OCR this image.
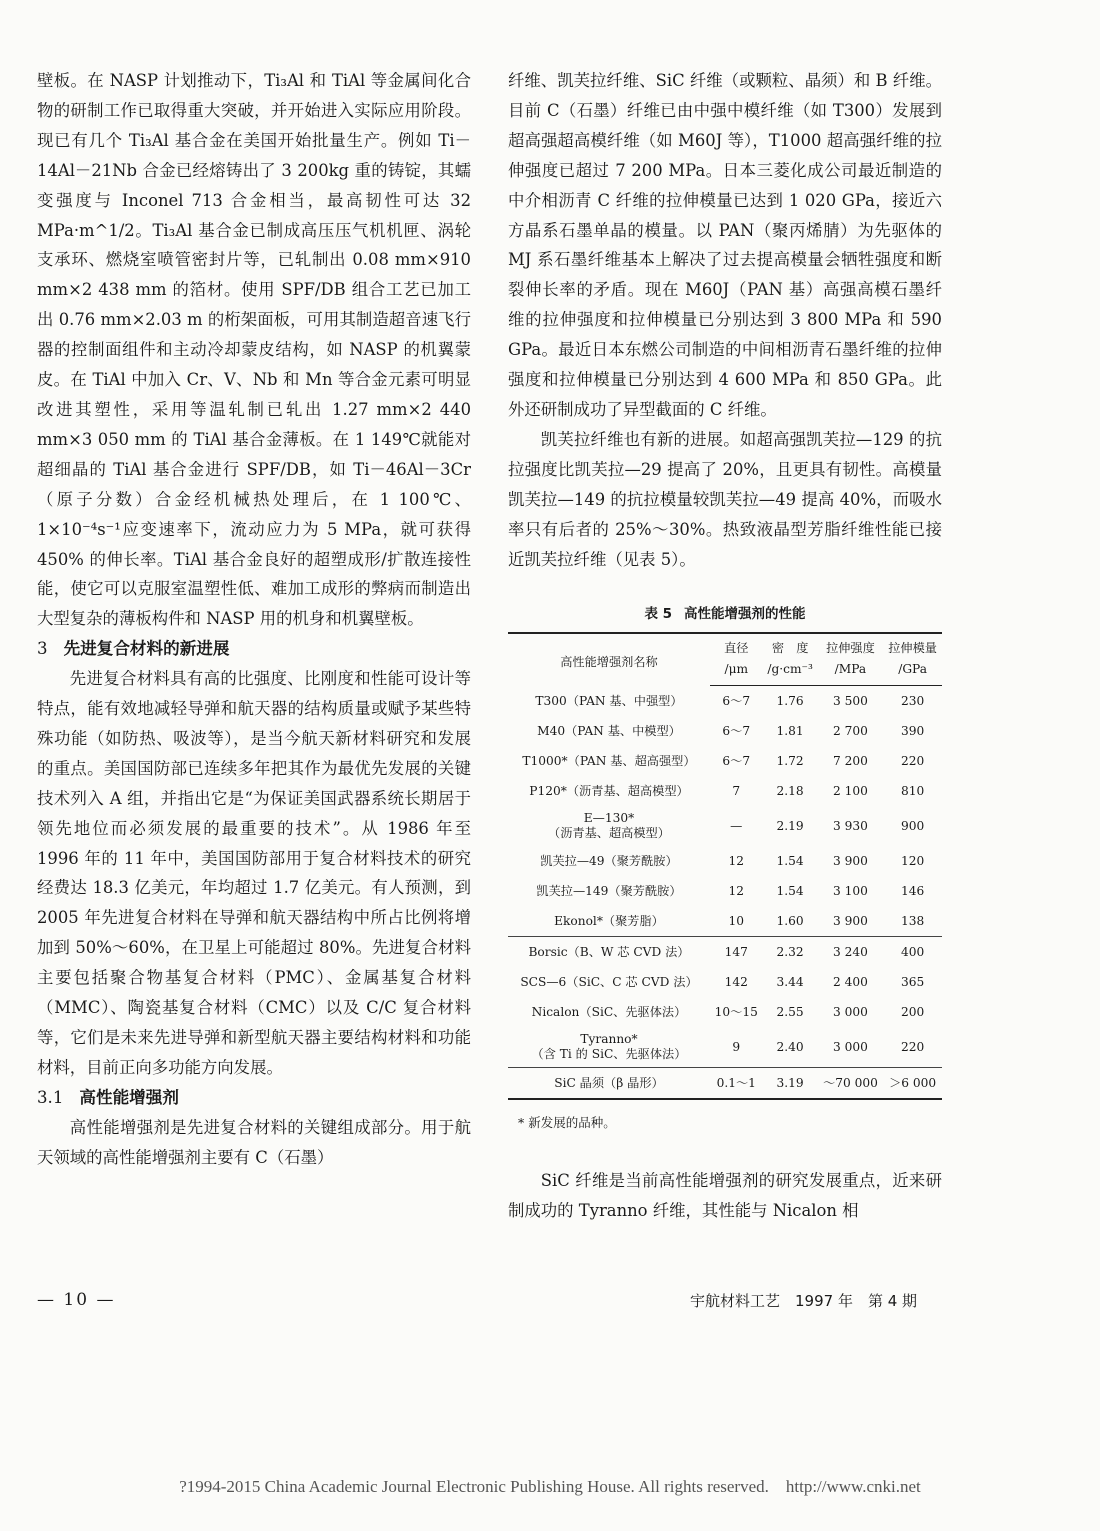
壁板。在 NASP 计划推动下，Ti₃Al 和 TiAl 等金属间化合物的研制工作已取得重大突破，并开始进入实际应用阶段。现已有几个 Ti₃Al 基合金在美国开始批量生产。例如 Ti－14Al－21Nb 合金已经熔铸出了 3 200kg 重的铸锭，其蠕变强度与 Inconel 713 合金相当，最高韧性可达 32 MPa·m^1/2。Ti₃Al 基合金已制成高压压气机机匣、涡轮支承环、燃烧室喷管密封片等，已轧制出 0.08 mm×910 mm×2 438 mm 的箔材。使用 SPF/DB 组合工艺已加工出 0.76 mm×2.03 m 的桁架面板，可用其制造超音速飞行器的控制面组件和主动冷却蒙皮结构，如 NASP 的机翼蒙皮。在 TiAl 中加入 Cr、V、Nb 和 Mn 等合金元素可明显改进其塑性，采用等温轧制已轧出 1.27 mm×2 440 mm×3 050 mm 的 TiAl 基合金薄板。在 1 149℃就能对超细晶的 TiAl 基合金进行 SPF/DB，如 Ti－46Al－3Cr（原子分数）合金经机械热处理后，在 1 100℃、1×10⁻⁴s⁻¹应变速率下，流动应力为 5 MPa，就可获得 450% 的伸长率。TiAl 基合金良好的超塑成形/扩散连接性能，使它可以克服室温塑性低、难加工成形的弊病而制造出大型复杂的薄板构件和 NASP 用的机身和机翼壁板。

3 先进复合材料的新进展

先进复合材料具有高的比强度、比刚度和性能可设计等特点，能有效地减轻导弹和航天器的结构质量或赋予某些特殊功能（如防热、吸波等），是当今航天新材料研究和发展的重点。美国国防部已连续多年把其作为最优先发展的关键技术列入 A 组，并指出它是“为保证美国武器系统长期居于领先地位而必须发展的最重要的技术”。从 1986 年至 1996 年的 11 年中，美国国防部用于复合材料技术的研究经费达 18.3 亿美元，年均超过 1.7 亿美元。有人预测，到 2005 年先进复合材料在导弹和航天器结构中所占比例将增加到 50%～60%，在卫星上可能超过 80%。先进复合材料主要包括聚合物基复合材料（PMC）、金属基复合材料（MMC）、陶瓷基复合材料（CMC）以及 C/C 复合材料等，它们是未来先进导弹和新型航天器主要结构材料和功能材料，目前正向多功能方向发展。

3.1 高性能增强剂

高性能增强剂是先进复合材料的关键组成部分。用于航天领域的高性能增强剂主要有 C（石墨）

纤维、凯芙拉纤维、SiC 纤维（或颗粒、晶须）和 B 纤维。目前 C（石墨）纤维已由中强中模纤维（如 T300）发展到超高强超高模纤维（如 M60J 等），T1000 超高强纤维的拉伸强度已超过 7 200 MPa。日本三菱化成公司最近制造的中介相沥青 C 纤维的拉伸模量已达到 1 020 GPa，接近六方晶系石墨单晶的模量。以 PAN（聚丙烯腈）为先驱体的 MJ 系石墨纤维基本上解决了过去提高模量会牺牲强度和断裂伸长率的矛盾。现在 M60J（PAN 基）高强高模石墨纤维的拉伸强度和拉伸模量已分别达到 3 800 MPa 和 590 GPa。最近日本东燃公司制造的中间相沥青石墨纤维的拉伸强度和拉伸模量已分别达到 4 600 MPa 和 850 GPa。此外还研制成功了异型截面的 C 纤维。

凯芙拉纤维也有新的进展。如超高强凯芙拉—129 的抗拉强度比凯芙拉—29 提高了 20%，且更具有韧性。高模量凯芙拉—149 的抗拉模量较凯芙拉—49 提高 40%，而吸水率只有后者的 25%～30%。热致液晶型芳脂纤维性能已接近凯芙拉纤维（见表 5）。

表 5 高性能增强剂的性能
高性能增强剂名称	直径	密　度	拉伸强度	拉伸模量
	/μm	/g·cm⁻³	/MPa	/GPa
T300（PAN 基、中强型）	6～7	1.76	3 500	230
M40（PAN 基、中模型）	6～7	1.81	2 700	390
T1000*（PAN 基、超高强型）	6～7	1.72	7 200	220
P120*（沥青基、超高模型）	7	2.18	2 100	810
E—130*
（沥青基、超高模型）	—	2.19	3 930	900
凯芙拉—49（聚芳酰胺）	12	1.54	3 900	120
凯芙拉—149（聚芳酰胺）	12	1.54	3 100	146
Ekonol*（聚芳脂）	10	1.60	3 900	138
Borsic（B、W 芯 CVD 法）	147	2.32	3 240	400
SCS—6（SiC、C 芯 CVD 法）	142	3.44	2 400	365
Nicalon（SiC、先驱体法）	10～15	2.55	3 000	200
Tyranno*
（含 Ti 的 SiC、先驱体法）	9	2.40	3 000	220
SiC 晶须（β 晶形）	0.1～1	3.19	～70 000	＞6 000
* 新发展的品种。

SiC 纤维是当前高性能增强剂的研究发展重点，近来研制成功的 Tyranno 纤维，其性能与 Nicalon 相

— 10 —	宇航材料工艺　1997 年　第 4 期
?1994-2015 China Academic Journal Electronic Publishing House. All rights reserved.　http://www.cnki.net
